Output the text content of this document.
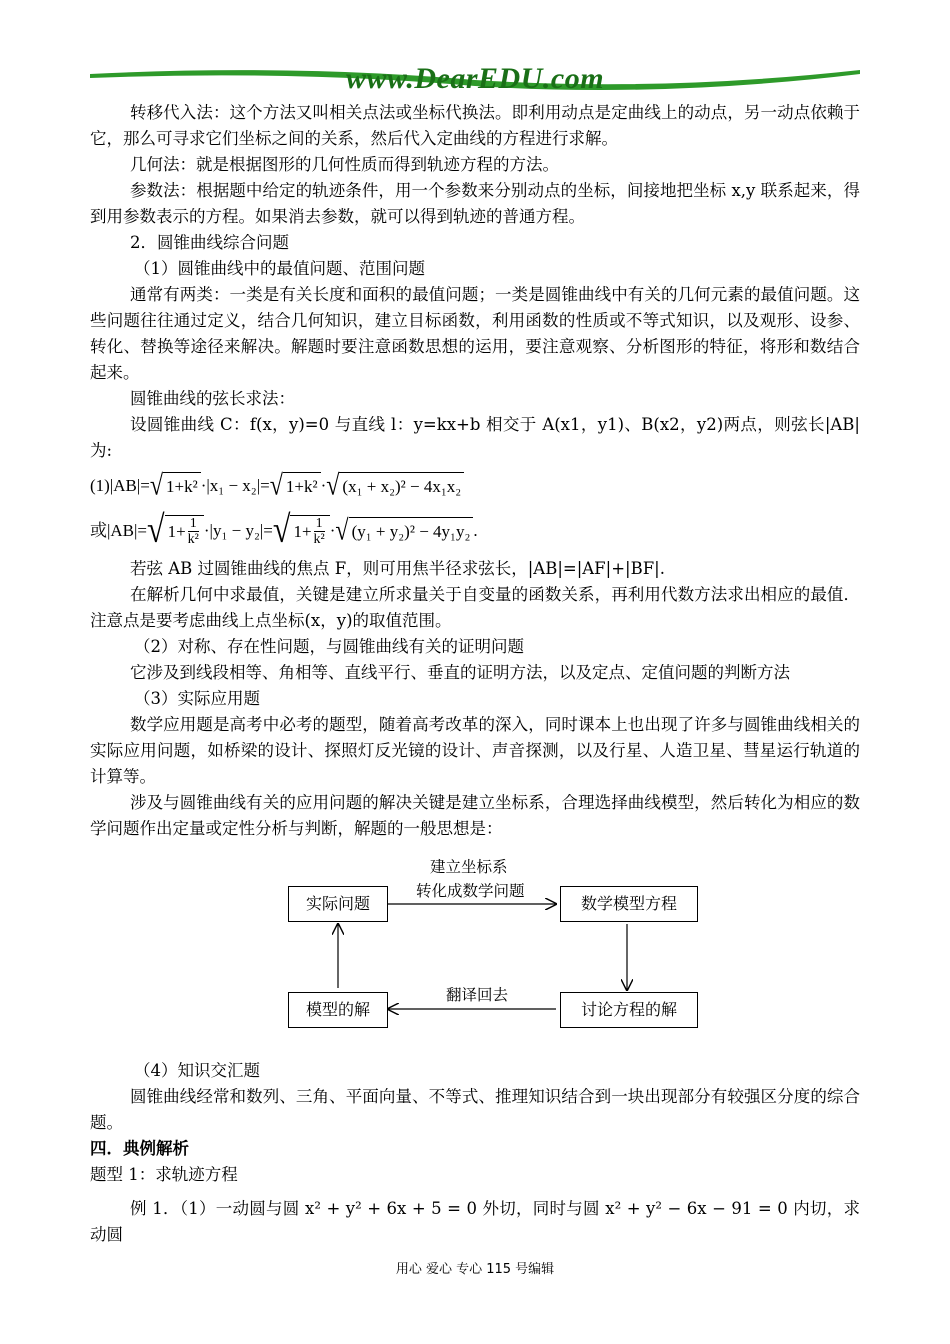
www.DearEDU.com

转移代入法：这个方法又叫相关点法或坐标代换法。即利用动点是定曲线上的动点，另一动点依赖于它，那么可寻求它们坐标之间的关系，然后代入定曲线的方程进行求解。

几何法：就是根据图形的几何性质而得到轨迹方程的方法。

参数法：根据题中给定的轨迹条件，用一个参数来分别动点的坐标，间接地把坐标 x,y 联系起来，得到用参数表示的方程。如果消去参数，就可以得到轨迹的普通方程。

2．圆锥曲线综合问题

（1）圆锥曲线中的最值问题、范围问题

通常有两类：一类是有关长度和面积的最值问题；一类是圆锥曲线中有关的几何元素的最值问题。这些问题往往通过定义，结合几何知识，建立目标函数，利用函数的性质或不等式知识，以及观形、设参、转化、替换等途径来解决。解题时要注意函数思想的运用，要注意观察、分析图形的特征，将形和数结合起来。

圆锥曲线的弦长求法：

设圆锥曲线 C：f(x，y)=0 与直线 l：y=kx+b 相交于 A(x1，y1)、B(x2，y2)两点，则弦长|AB|为:

(1)|AB|= √ 1+k² ·|x₁ − x₂|= √ 1+k² · √ (x₁ + x₂)² − 4x₁x₂
或|AB|= √ $1+ \frac{1}{\text{k²}} \cdot|y_1 - y_2|=$ √ $1+ \frac{1}{\text{k²}}$ · √ (y₁ + y₂)² − 4y₁y₂ .

若弦 AB 过圆锥曲线的焦点 F，则可用焦半径求弦长，|AB|=|AF|+|BF|.

在解析几何中求最值，关键是建立所求量关于自变量的函数关系，再利用代数方法求出相应的最值．注意点是要考虑曲线上点坐标(x，y)的取值范围。

（2）对称、存在性问题，与圆锥曲线有关的证明问题

它涉及到线段相等、角相等、直线平行、垂直的证明方法，以及定点、定值问题的判断方法

（3）实际应用题

数学应用题是高考中必考的题型，随着高考改革的深入，同时课本上也出现了许多与圆锥曲线相关的实际应用问题，如桥梁的设计、探照灯反光镜的设计、声音探测，以及行星、人造卫星、彗星运行轨道的计算等。

涉及与圆锥曲线有关的应用问题的解决关键是建立坐标系，合理选择曲线模型，然后转化为相应的数学问题作出定量或定性分析与判断，解题的一般思想是：

实际问题	数学模型方程
模型的解	讨论方程的解
建立坐标系
转化成数学问题
翻译回去

（4）知识交汇题

圆锥曲线经常和数列、三角、平面向量、不等式、推理知识结合到一块出现部分有较强区分度的综合题。

四．典例解析

题型 1：求轨迹方程

例 1．（1）一动圆与圆 x² + y² + 6x + 5 = 0 外切，同时与圆 x² + y² − 6x − 91 = 0 内切，求动圆

用心 爱心 专心 115 号编辑
